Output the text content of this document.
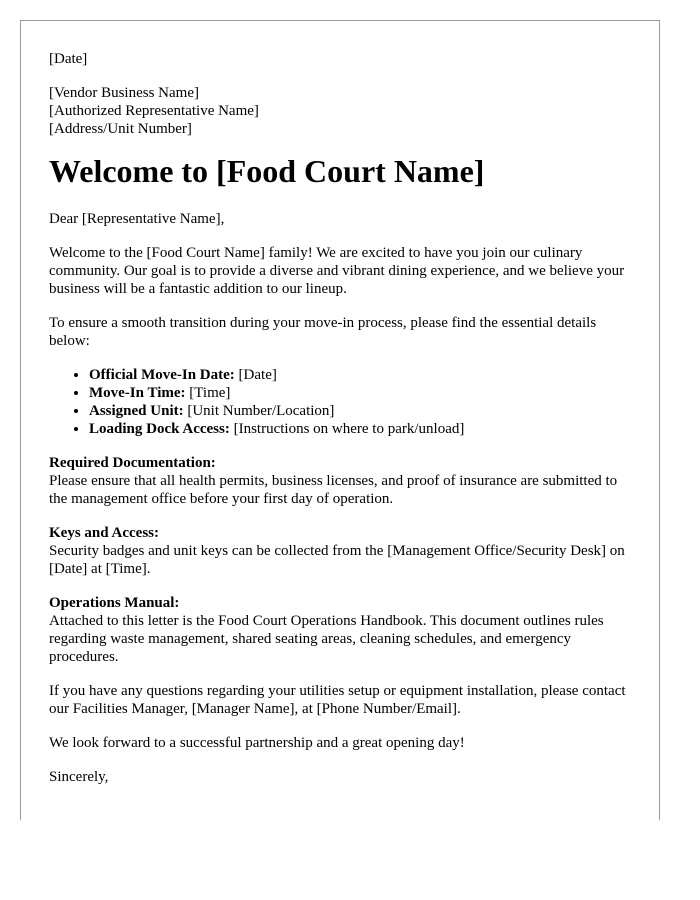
[Date]

[Vendor Business Name]
[Authorized Representative Name]
[Address/Unit Number]
Welcome to [Food Court Name]

Dear [Representative Name],

Welcome to the [Food Court Name] family! We are excited to have you join our culinary community. Our goal is to provide a diverse and vibrant dining experience, and we believe your business will be a fantastic addition to our lineup.

To ensure a smooth transition during your move-in process, please find the essential details below:

• Official Move-In Date: [Date]
• Move-In Time: [Time]
• Assigned Unit: [Unit Number/Location]
• Loading Dock Access: [Instructions on where to park/unload]
Required Documentation:
Please ensure that all health permits, business licenses, and proof of insurance are submitted to the management office before your first day of operation.
Keys and Access:
Security badges and unit keys can be collected from the [Management Office/Security Desk] on [Date] at [Time].
Operations Manual:
Attached to this letter is the Food Court Operations Handbook. This document outlines rules regarding waste management, shared seating areas, cleaning schedules, and emergency procedures.

If you have any questions regarding your utilities setup or equipment installation, please contact our Facilities Manager, [Manager Name], at [Phone Number/Email].

We look forward to a successful partnership and a great opening day!

Sincerely,
